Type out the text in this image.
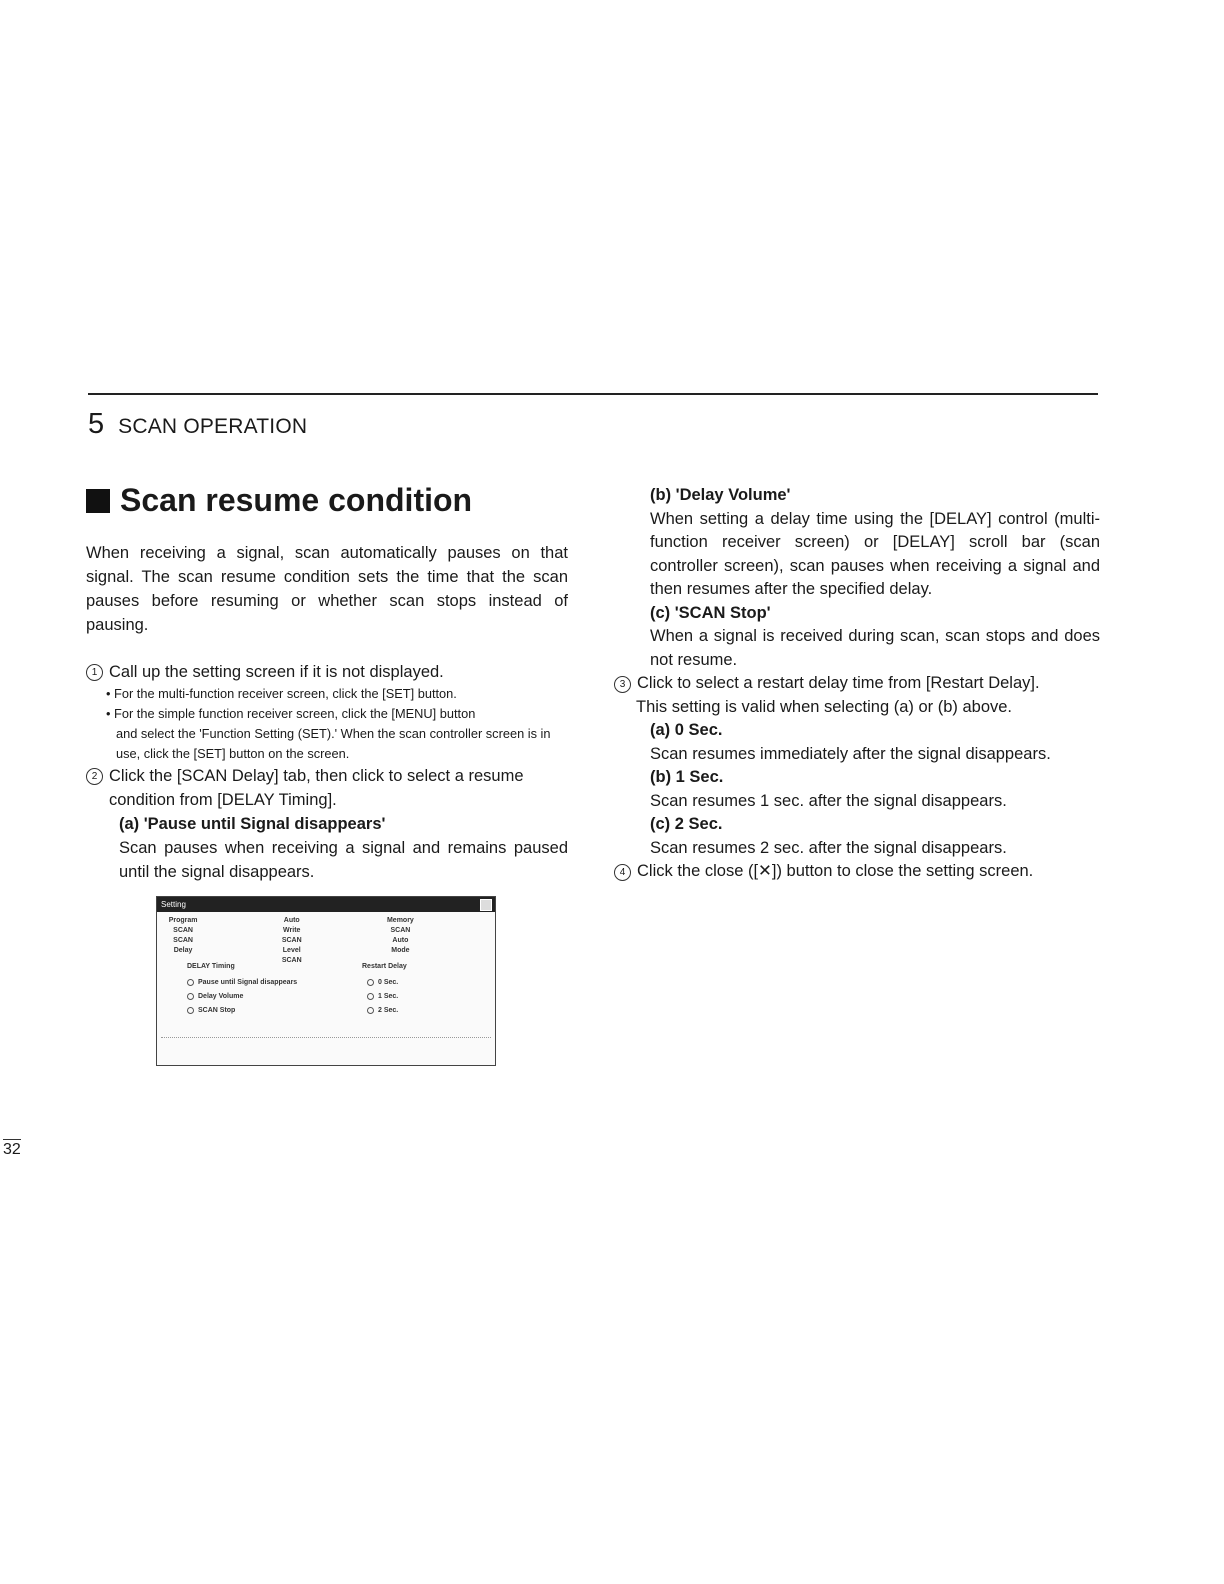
5 SCAN OPERATION
Scan resume condition

When receiving a signal, scan automatically pauses on that signal. The scan resume condition sets the time that the scan pauses before resuming or whether scan stops instead of pausing.

1 Call up the setting screen if it is not displayed.

• For the multi-function receiver screen, click the [SET] button.

• For the simple function receiver screen, click the [MENU] button

and select the 'Function Setting (SET).' When the scan controller screen is in use, click the [SET] button on the screen.

2 Click the [SCAN Delay] tab, then click to select a resume condition from [DELAY Timing].

(a) 'Pause until Signal disappears'

Scan pauses when receiving a signal and remains paused until the signal disappears.

Setting
Program SCAN
SCAN Delay
Auto Write SCAN
Level SCAN
Memory SCAN
Auto Mode
DELAY Timing
Pause until Signal disappears
Delay Volume
SCAN Stop
Restart Delay
0 Sec.
1 Sec.
2 Sec.

(b) 'Delay Volume'

When setting a delay time using the [DELAY] control (multi-function receiver screen) or [DELAY] scroll bar (scan controller screen), scan pauses when receiving a signal and then resumes after the specified delay.

(c) 'SCAN Stop'

When a signal is received during scan, scan stops and does not resume.

3 Click to select a restart delay time from [Restart Delay].

This setting is valid when selecting (a) or (b) above.

(a) 0 Sec.

Scan resumes immediately after the signal disappears.

(b) 1 Sec.

Scan resumes 1 sec. after the signal disappears.

(c) 2 Sec.

Scan resumes 2 sec. after the signal disappears.

4 Click the close ([✕]) button to close the setting screen.
32
